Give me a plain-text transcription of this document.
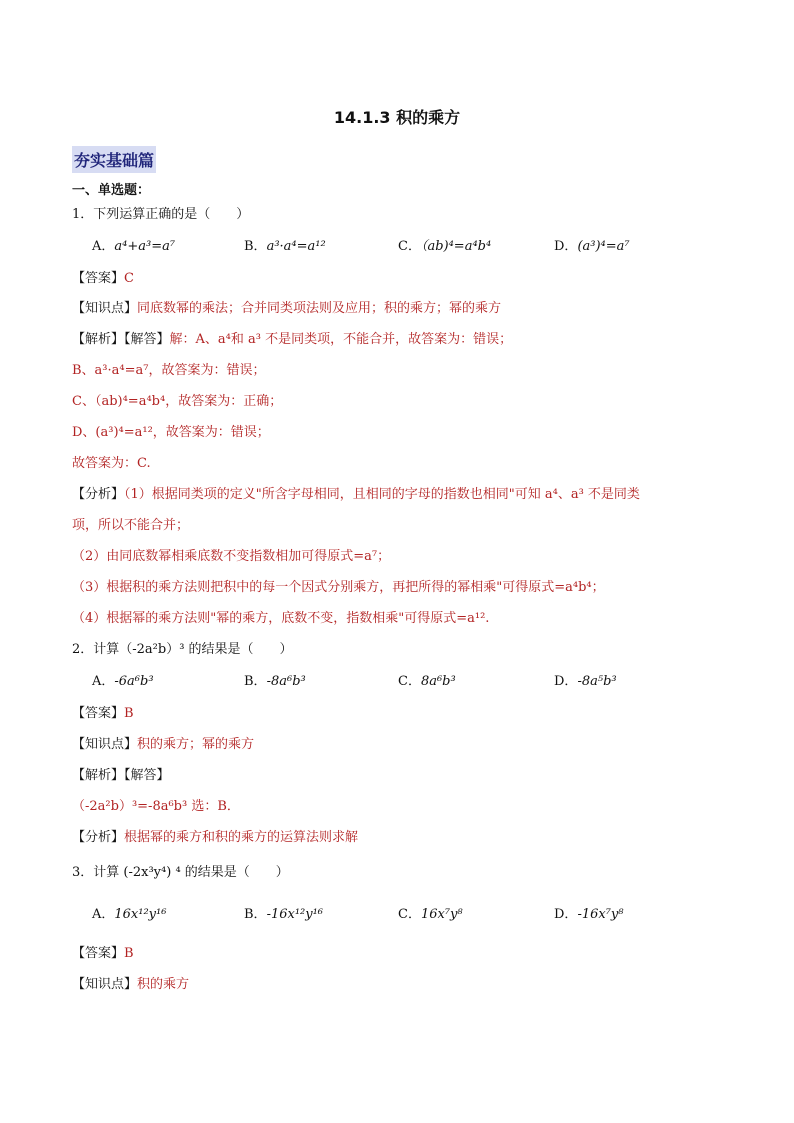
14.1.3 积的乘方
夯实基础篇
一、单选题：
1．下列运算正确的是（　　）
A．a⁴+a³=a⁷	B．a³·a⁴=a¹²	C．（ab)⁴=a⁴b⁴	D．(a³)⁴=a⁷
【答案】C
【知识点】同底数幂的乘法；合并同类项法则及应用；积的乘方；幂的乘方
【解析】【解答】解：A、a⁴和 a³ 不是同类项，不能合并，故答案为：错误；
B、a³·a⁴=a⁷，故答案为：错误；
C、（ab)⁴=a⁴b⁴，故答案为：正确；
D、(a³)⁴=a¹²，故答案为：错误；
故答案为：C.
【分析】（1）根据同类项的定义"所含字母相同，且相同的字母的指数也相同"可知 a⁴、a³ 不是同类
项，所以不能合并；
（2）由同底数幂相乘底数不变指数相加可得原式=a⁷；
（3）根据积的乘方法则把积中的每一个因式分别乘方，再把所得的幂相乘"可得原式=a⁴b⁴；
（4）根据幂的乘方法则"幂的乘方，底数不变，指数相乘"可得原式=a¹².
2．计算（-2a²b）³ 的结果是（　　）
A．-6a⁶b³	B．-8a⁶b³	C．8a⁶b³	D．-8a⁵b³
【答案】B
【知识点】积的乘方；幂的乘方
【解析】【解答】
（-2a²b）³=-8a⁶b³ 选：B．
【分析】根据幂的乘方和积的乘方的运算法则求解
3．计算 (-2x³y⁴) ⁴ 的结果是（　　）
A．16x¹²y¹⁶	B．-16x¹²y¹⁶	C．16x⁷y⁸	D．-16x⁷y⁸
【答案】B
【知识点】积的乘方
